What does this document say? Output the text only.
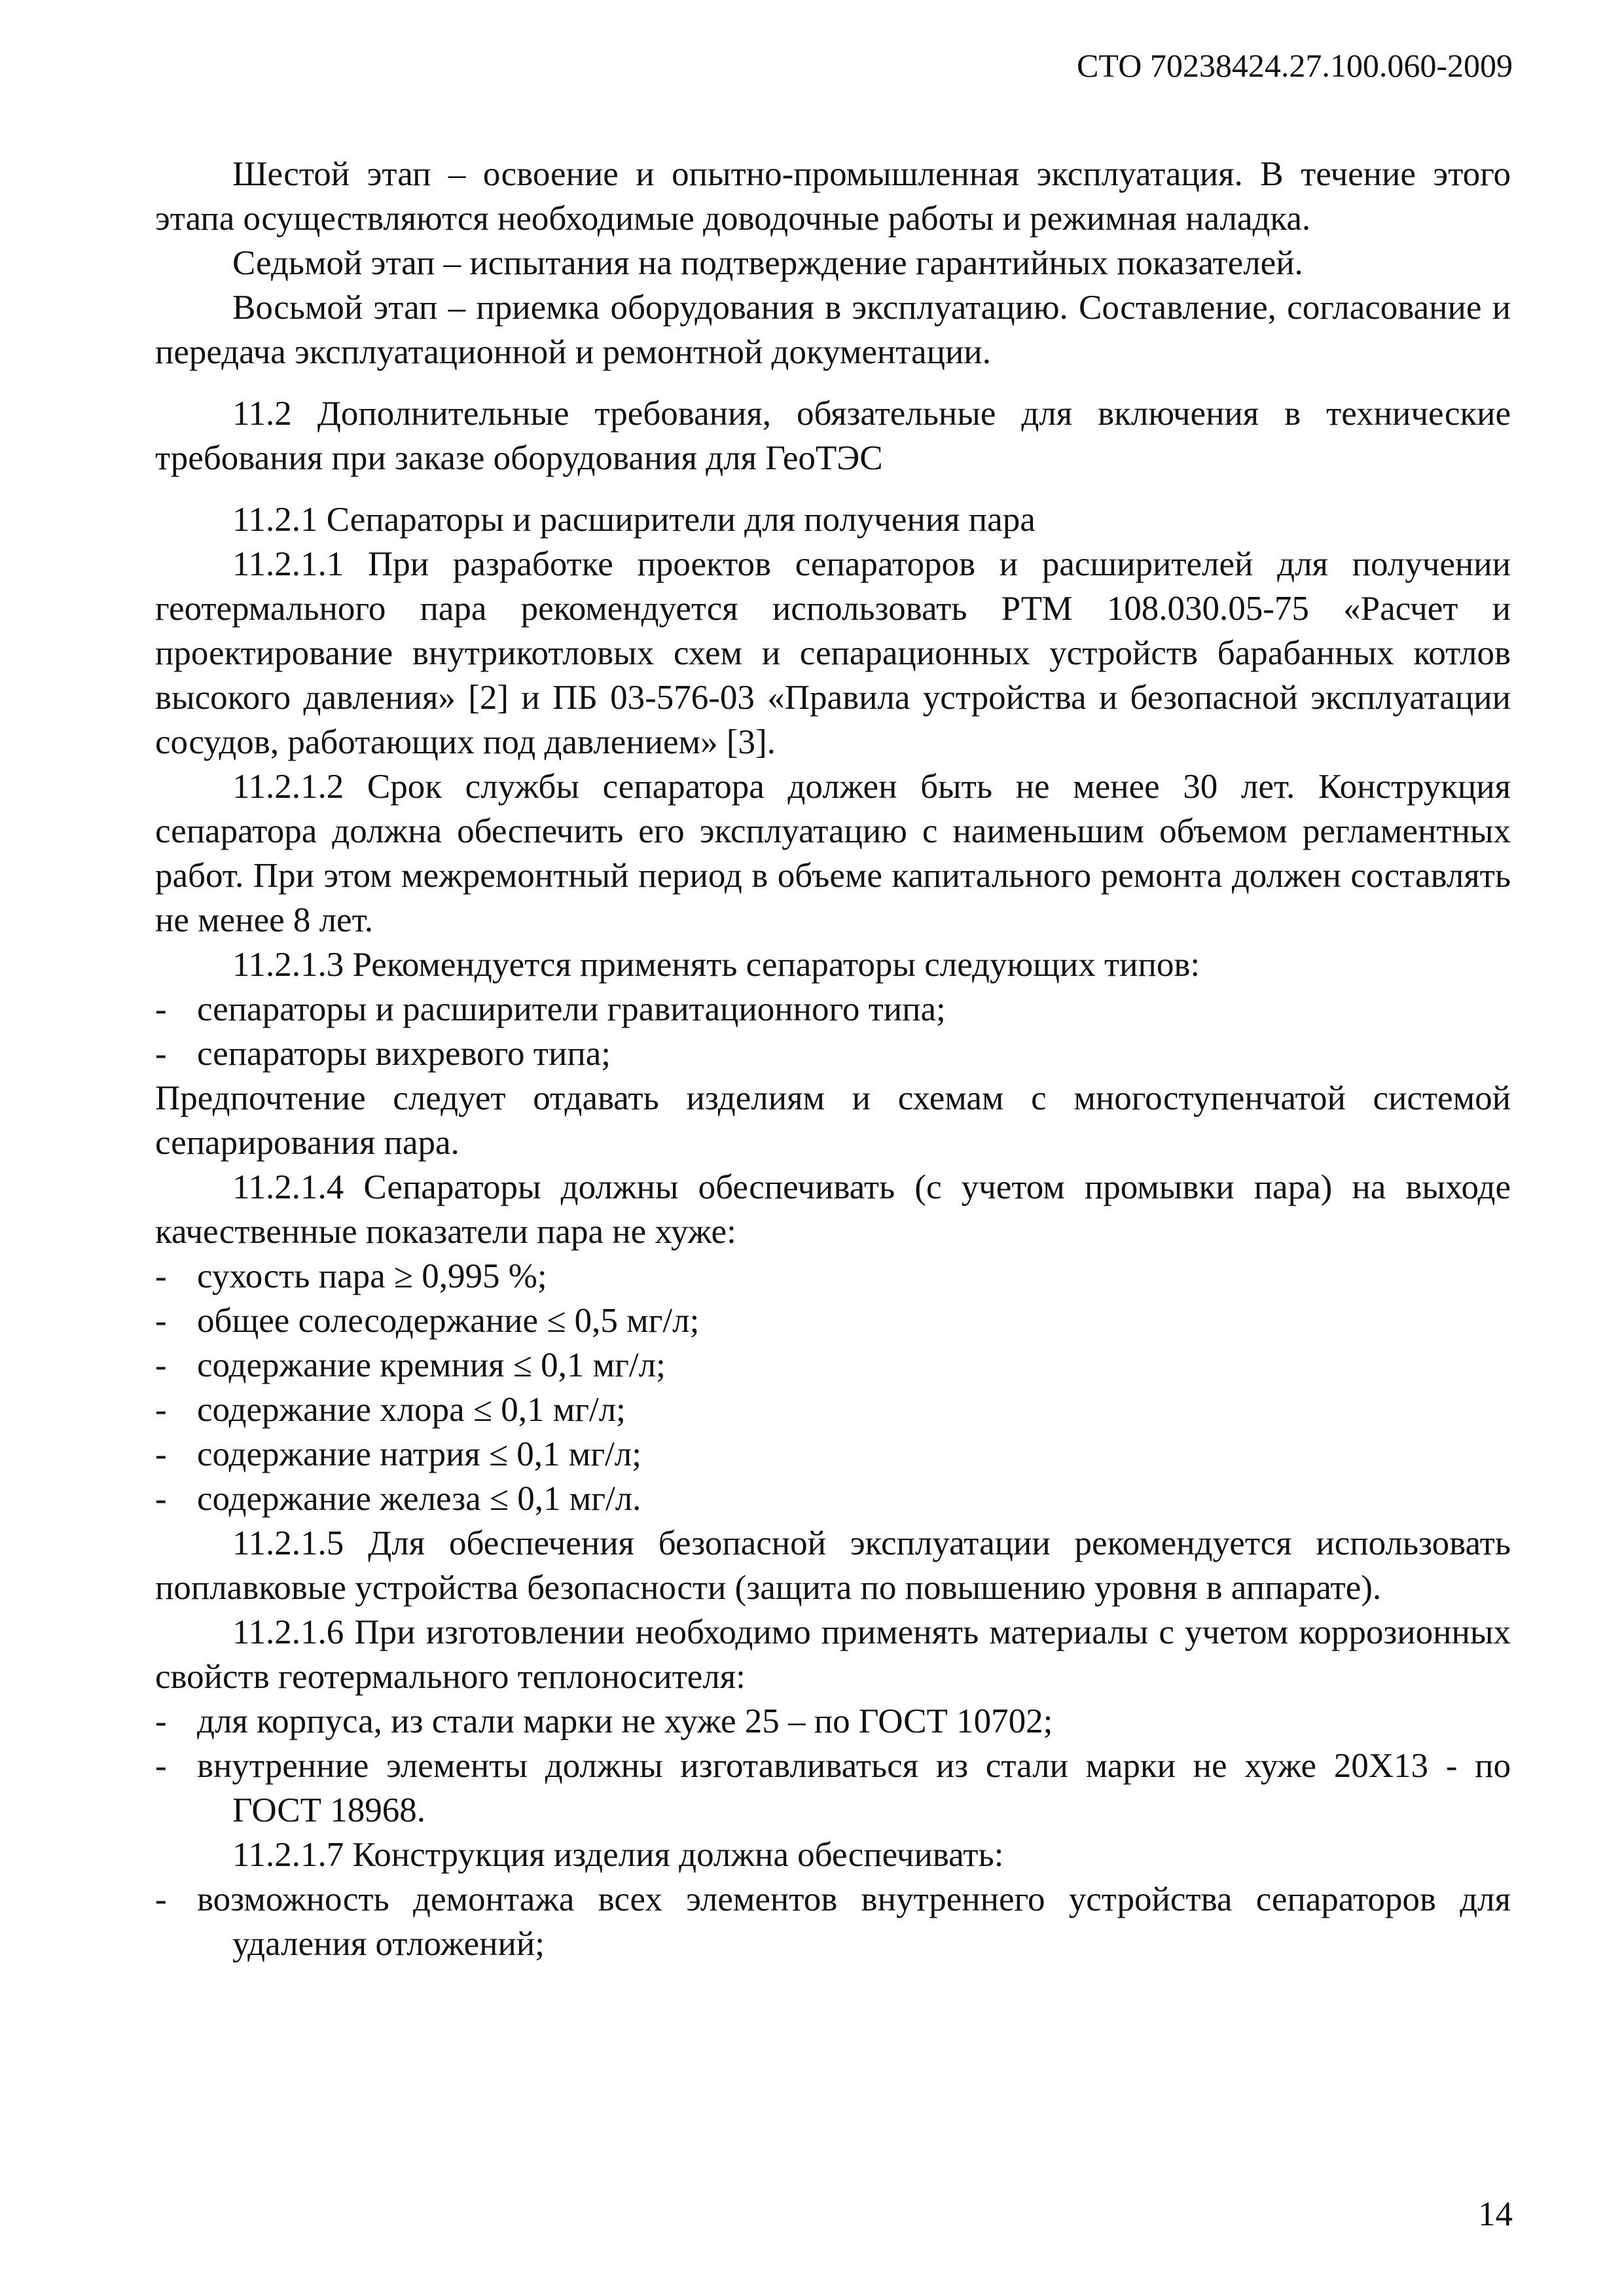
СТО 70238424.27.100.060-2009

Шестой этап – освоение и опытно-промышленная эксплуатация. В течение этого этапа осуществляются необходимые доводочные работы и режимная наладка.

Седьмой этап – испытания на подтверждение гарантийных показателей.

Восьмой этап – приемка оборудования в эксплуатацию. Составление, согласование и передача эксплуатационной и ремонтной документации.

11.2 Дополнительные требования, обязательные для включения в технические требования при заказе оборудования для ГеоТЭС

11.2.1 Сепараторы и расширители для получения пара

11.2.1.1 При разработке проектов сепараторов и расширителей для получении геотермального пара рекомендуется использовать РТМ 108.030.05-75 «Расчет и проектирование внутрикотловых схем и сепарационных устройств барабанных котлов высокого давления» [2] и ПБ 03-576-03 «Правила устройства и безопасной эксплуатации сосудов, работающих под давлением» [3].

11.2.1.2 Срок службы сепаратора должен быть не менее 30 лет. Конструкция сепаратора должна обеспечить его эксплуатацию с наименьшим объемом регламентных работ. При этом межремонтный период в объеме капитального ремонта должен составлять не менее 8 лет.

11.2.1.3 Рекомендуется применять сепараторы следующих типов:

- сепараторы и расширители гравитационного типа;

- сепараторы вихревого типа;

Предпочтение следует отдавать изделиям и схемам с многоступенчатой системой сепарирования пара.

11.2.1.4 Сепараторы должны обеспечивать (с учетом промывки пара) на выходе качественные показатели пара не хуже:

- сухость пара ≥ 0,995 %;

- общее солесодержание ≤ 0,5 мг/л;

- содержание кремния ≤ 0,1 мг/л;

- содержание хлора ≤ 0,1 мг/л;

- содержание натрия ≤ 0,1 мг/л;

- содержание железа ≤ 0,1 мг/л.

11.2.1.5 Для обеспечения безопасной эксплуатации рекомендуется использовать поплавковые устройства безопасности (защита по повышению уровня в аппарате).

11.2.1.6 При изготовлении необходимо применять материалы с учетом коррозионных свойств геотермального теплоносителя:

- для корпуса, из стали марки не хуже 25 – по ГОСТ 10702;

- внутренние элементы должны изготавливаться из стали марки не хуже 20Х13 - по ГОСТ 18968.

11.2.1.7 Конструкция изделия должна обеспечивать:

- возможность демонтажа всех элементов внутреннего устройства сепараторов для удаления отложений;

14
